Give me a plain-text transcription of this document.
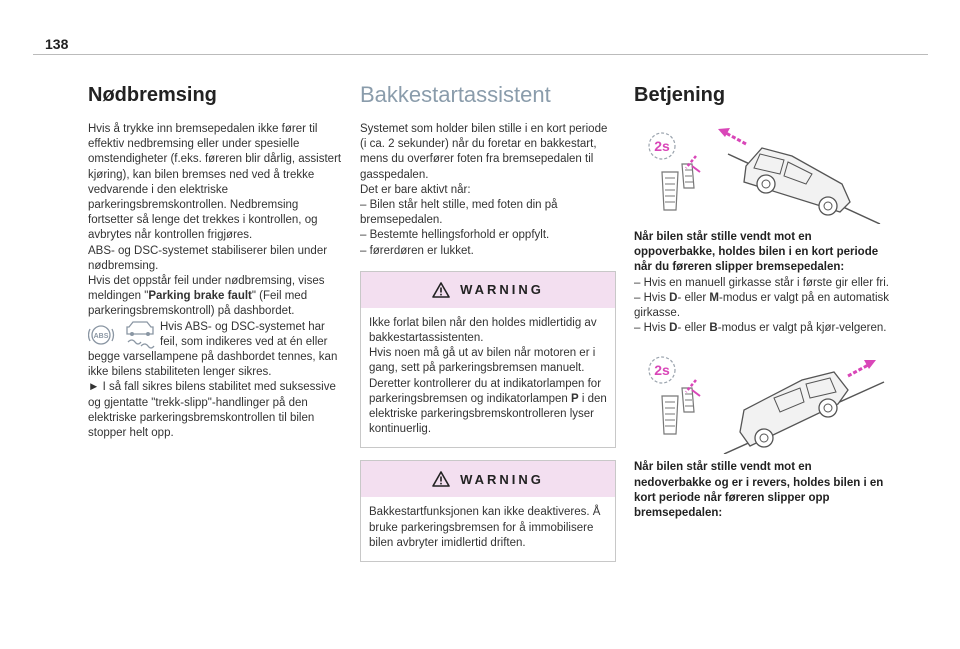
138
Nødbremsing

Hvis å trykke inn bremsepedalen ikke fører til effektiv nedbremsing eller under spesielle omstendigheter (f.eks. føreren blir dårlig, assistert kjøring), kan bilen bremses ned ved å trekke vedvarende i den elektriske parkeringsbremskontrollen. Nedbremsing fortsetter så lenge det trekkes i kontrollen, og avbrytes når kontrollen frigjøres.

ABS- og DSC-systemet stabiliserer bilen under nødbremsing.

Hvis det oppstår feil under nødbremsing, vises meldingen "Parking brake fault" (Feil med parkeringsbremskontroll) på dashbordet.

ABS
Hvis ABS- og DSC-systemet har feil, som indikeres ved at én eller begge varsellampene på dashbordet tennes, kan ikke bilens stabiliteten lenger sikres.

► I så fall sikres bilens stabilitet med suksessive og gjentatte "trekk-slipp"-handlinger på den elektriske parkeringsbremskontrollen til bilen stopper helt opp.

Bakkestartassistent

Systemet som holder bilen stille i en kort periode (i ca. 2 sekunder) når du foretar en bakkestart, mens du overfører foten fra bremsepedalen til gasspedalen.

Det er bare aktivt når:

– Bilen står helt stille, med foten din på bremsepedalen.

– Bestemte hellingsforhold er oppfylt.

– førerdøren er lukket.

WARNING

Ikke forlat bilen når den holdes midlertidig av bakkestartassistenten.

Hvis noen må gå ut av bilen når motoren er i gang, sett på parkeringsbremsen manuelt. Deretter kontrollerer du at indikatorlampen for parkeringsbremsen og indikatorlampen P i den elektriske parkeringsbremskontrolleren lyser kontinuerlig.

WARNING

Bakkestartfunksjonen kan ikke deaktiveres. Å bruke parkeringsbremsen for å immobilisere bilen avbryter imidlertid driften.

Betjening
2s

Når bilen står stille vendt mot en oppoverbakke, holdes bilen i en kort periode når du føreren slipper bremsepedalen:

– Hvis en manuell girkasse står i første gir eller fri.

– Hvis D- eller M-modus er valgt på en automatisk girkasse.

– Hvis D- eller B-modus er valgt på kjør-velgeren.

2s

Når bilen står stille vendt mot en nedoverbakke og er i revers, holdes bilen i en kort periode når føreren slipper opp bremsepedalen:
